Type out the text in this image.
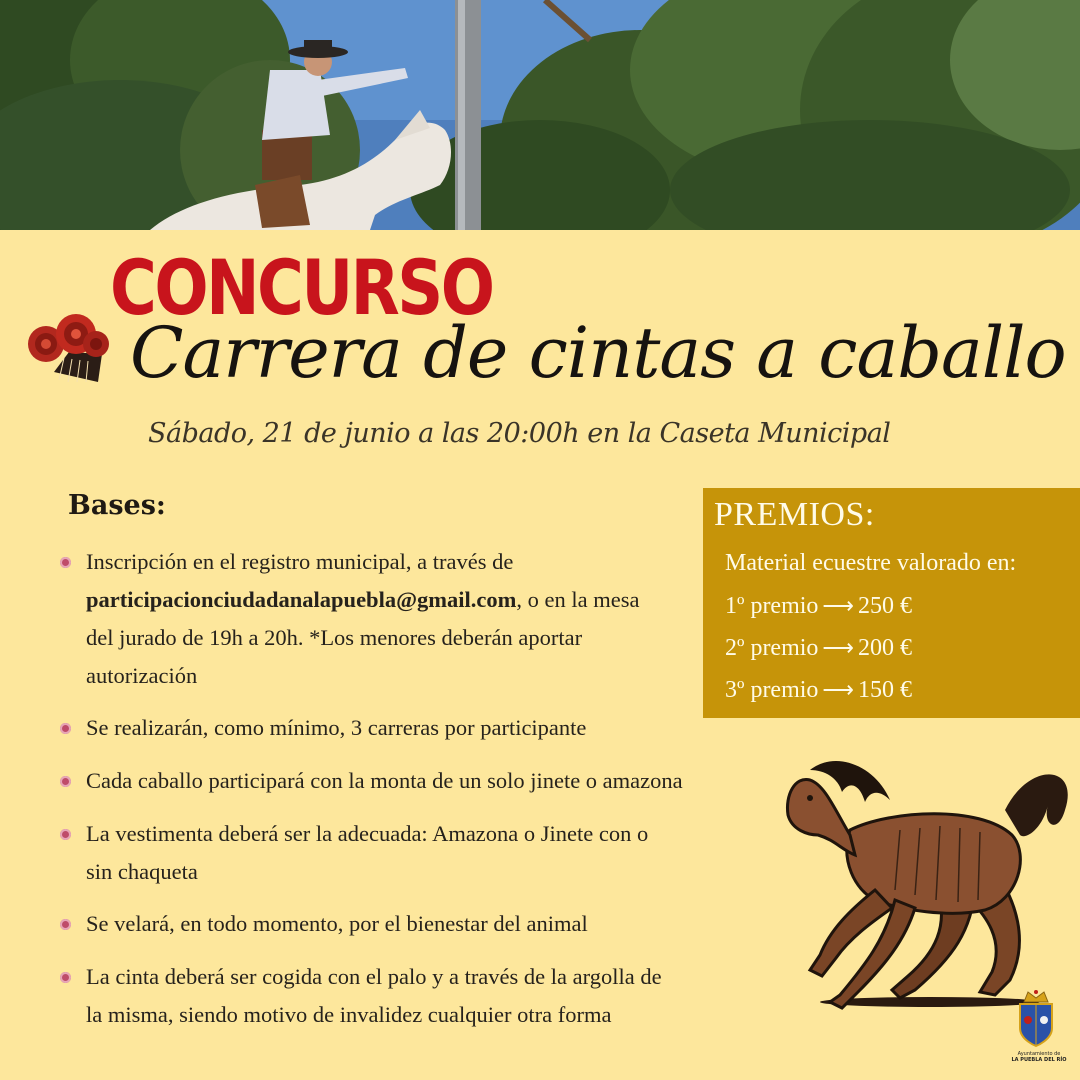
CONCURSO
Carrera de cintas a caballo
Sábado, 21 de junio a las 20:00h en la Caseta Municipal
Bases:
Inscripción en el registro municipal, a través de
participacionciudadanalapuebla@gmail.com, o en la mesa
del jurado de 19h a 20h. *Los menores deberán aportar
autorización
Se realizarán, como mínimo, 3 carreras por participante
Cada caballo participará con la monta de un solo jinete o amazona
La vestimenta deberá ser la adecuada: Amazona o Jinete con o
sin chaqueta
Se velará, en todo momento, por el bienestar del animal
La cinta deberá ser cogida con el palo y a través de la argolla de
la misma, siendo motivo de invalidez cualquier otra forma
PREMIOS:
Material ecuestre valorado en:
1º premio ⟶ 250 €
2º premio ⟶ 200 €
3º premio ⟶ 150 €
Ayuntamiento de
LA PUEBLA DEL RÍO
